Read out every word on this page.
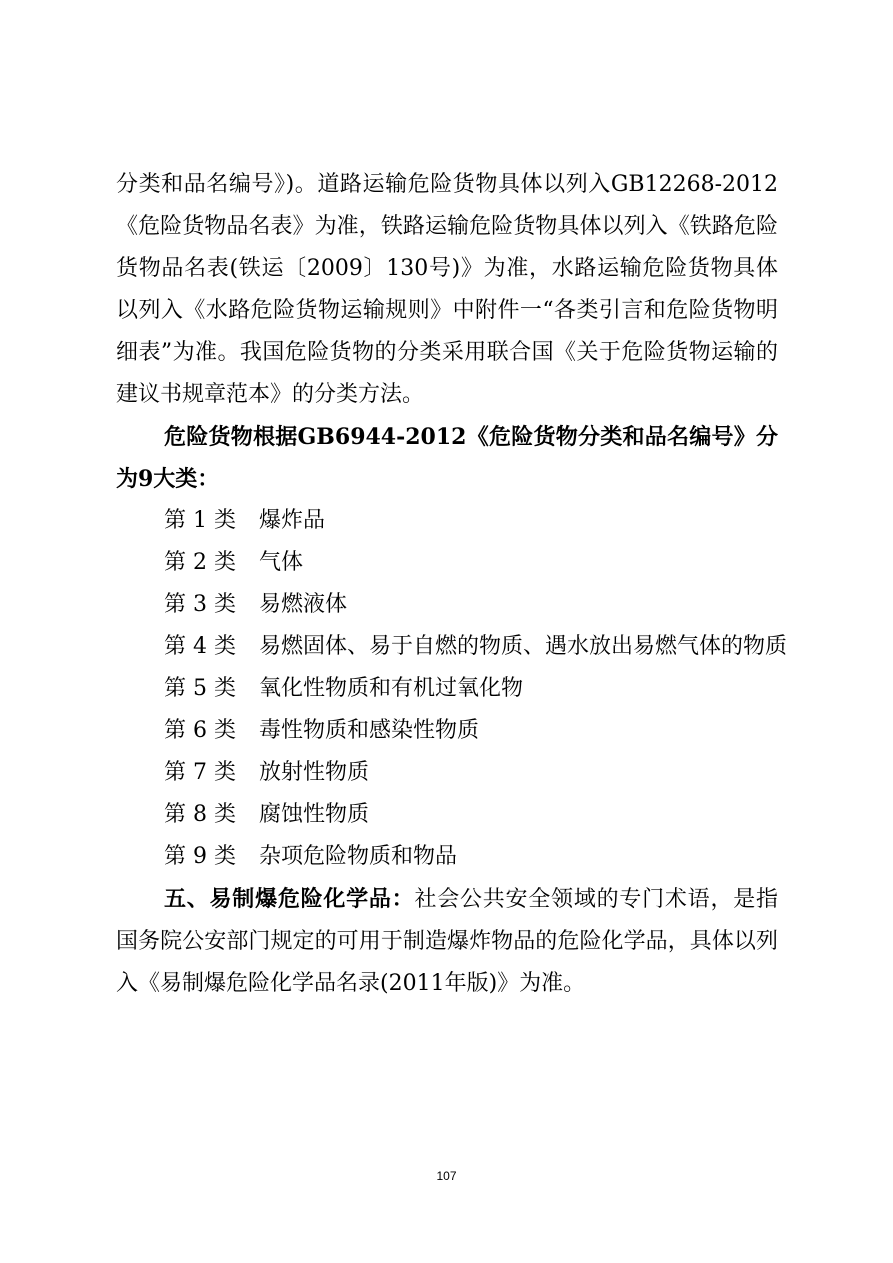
分类和品名编号》)。道路运输危险货物具体以列入GB12268-2012《危险货物品名表》为准，铁路运输危险货物具体以列入《铁路危险货物品名表(铁运〔2009〕130号)》为准，水路运输危险货物具体以列入《水路危险货物运输规则》中附件一“各类引言和危险货物明细表”为准。我国危险货物的分类采用联合国《关于危险货物运输的建议书规章范本》的分类方法。

危险货物根据GB6944-2012《危险货物分类和品名编号》分为9大类：

第 1 类	爆炸品
第 2 类	气体
第 3 类	易燃液体
第 4 类	易燃固体、易于自燃的物质、遇水放出易燃气体的物质
第 5 类	氧化性物质和有机过氧化物
第 6 类	毒性物质和感染性物质
第 7 类	放射性物质
第 8 类	腐蚀性物质
第 9 类	杂项危险物质和物品

五、易制爆危险化学品：社会公共安全领域的专门术语，是指国务院公安部门规定的可用于制造爆炸物品的危险化学品，具体以列入《易制爆危险化学品名录(2011年版)》为准。

107
